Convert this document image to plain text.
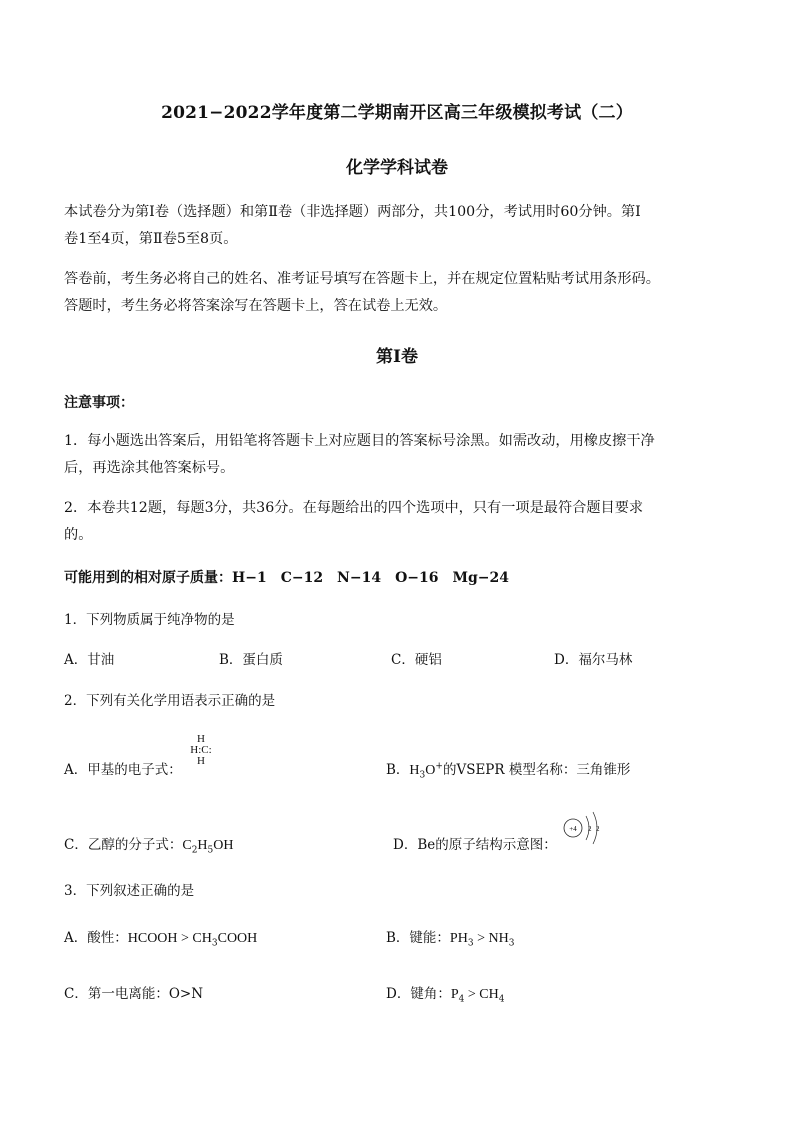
2021−2022学年度第二学期南开区高三年级模拟考试（二）
化学学科试卷
本试卷分为第Ⅰ卷（选择题）和第Ⅱ卷（非选择题）两部分，共100分，考试用时60分钟。第Ⅰ
卷1至4页，第Ⅱ卷5至8页。
答卷前，考生务必将自己的姓名、准考证号填写在答题卡上，并在规定位置粘贴考试用条形码。
答题时，考生务必将答案涂写在答题卡上，答在试卷上无效。
第Ⅰ卷
注意事项：
1．每小题选出答案后，用铅笔将答题卡上对应题目的答案标号涂黑。如需改动，用橡皮擦干净
后，再选涂其他答案标号。
2．本卷共12题，每题3分，共36分。在每题给出的四个选项中，只有一项是最符合题目要求
的。
可能用到的相对原子质量：H−1　C−12　N−14　O−16　Mg−24
1．下列物质属于纯净物的是
A．甘油	B．蛋白质	C．硬铝	D．福尔马林
2．下列有关化学用语表示正确的是
A．甲基的电子式：
H
H:C:
H
B．$H_3O^+$的VSEPR 模型名称：三角锥形
C．乙醇的分子式：$C_2H_5OH$	D．Be的原子结构示意图：
+4 2 2
3．下列叙述正确的是
A．酸性：HCOOH > $CH_3COOH$	B．键能：$PH_3 > NH_3$
C．第一电离能：O>N	D．键角：$P_4 > CH_4$
